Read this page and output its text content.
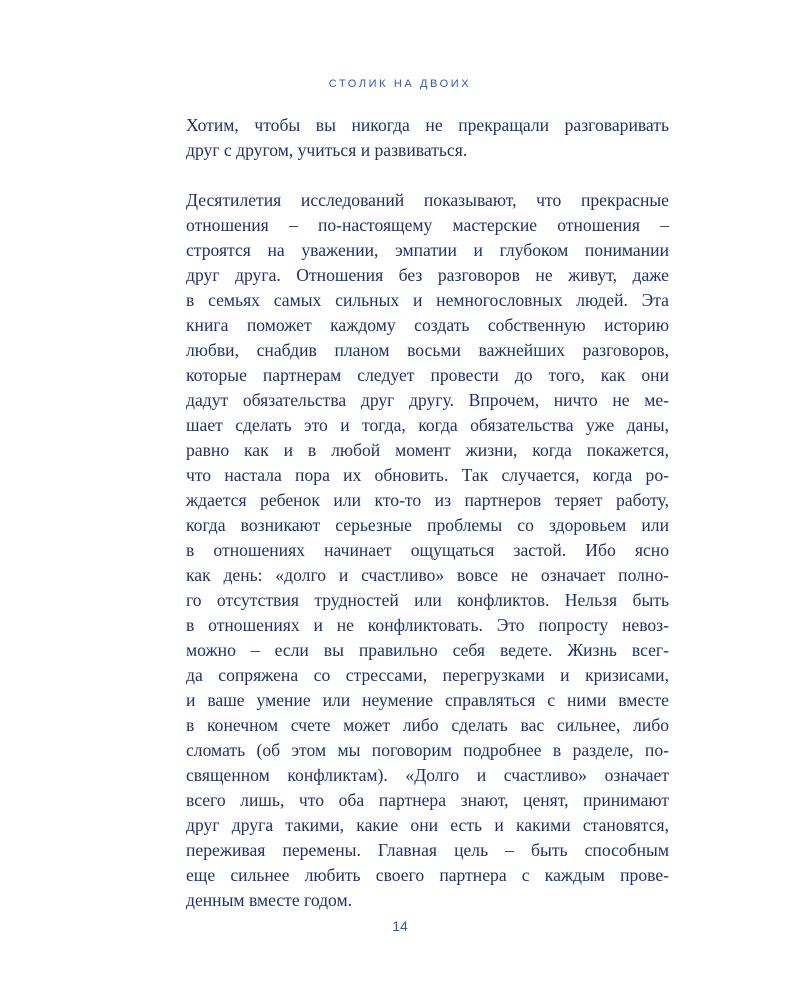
СТОЛИК НА ДВОИХ

Хотим, чтобы вы никогда не прекращали разговаривать
друг с другом, учиться и развиваться.

Десятилетия исследований показывают, что прекрасные
отношения – по-настоящему мастерские отношения –
строятся на уважении, эмпатии и глубоком понимании
друг друга. Отношения без разговоров не живут, даже
в семьях самых сильных и немногословных людей. Эта
книга поможет каждому создать собственную историю
любви, снабдив планом восьми важнейших разговоров,
которые партнерам следует провести до того, как они
дадут обязательства друг другу. Впрочем, ничто не ме-
шает сделать это и тогда, когда обязательства уже даны,
равно как и в любой момент жизни, когда покажется,
что настала пора их обновить. Так случается, когда ро-
ждается ребенок или кто-то из партнеров теряет работу,
когда возникают серьезные проблемы со здоровьем или
в отношениях начинает ощущаться застой. Ибо ясно
как день: «долго и счастливо» вовсе не означает полно-
го отсутствия трудностей или конфликтов. Нельзя быть
в отношениях и не конфликтовать. Это попросту невоз-
можно – если вы правильно себя ведете. Жизнь всег-
да сопряжена со стрессами, перегрузками и кризисами,
и ваше умение или неумение справляться с ними вместе
в конечном счете может либо сделать вас сильнее, либо
сломать (об этом мы поговорим подробнее в разделе, по-
священном конфликтам). «Долго и счастливо» означает
всего лишь, что оба партнера знают, ценят, принимают
друг друга такими, какие они есть и какими становятся,
переживая перемены. Главная цель – быть способным
еще сильнее любить своего партнера с каждым прове-
денным вместе годом.

14
